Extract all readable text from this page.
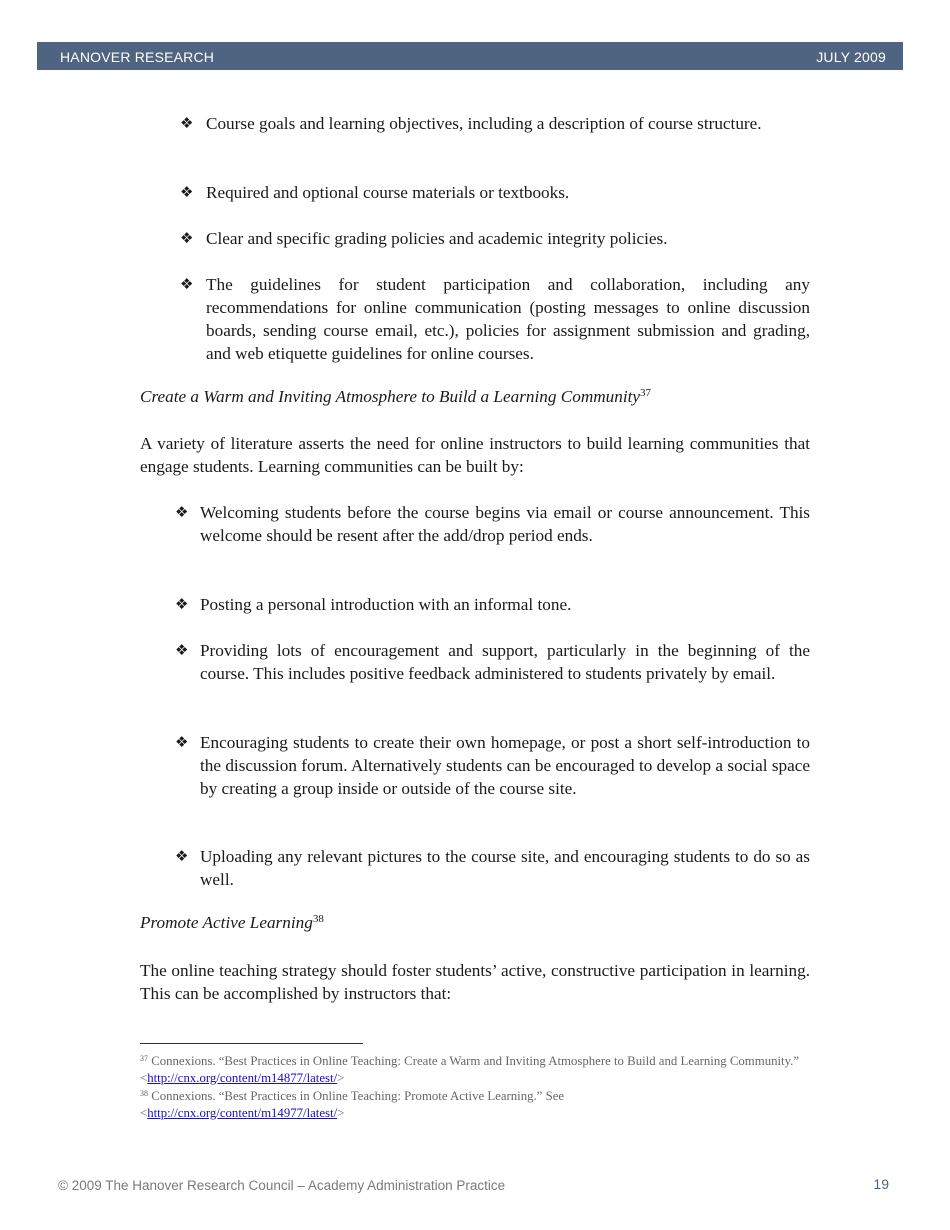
HANOVER RESEARCH	JULY 2009
❖ Course goals and learning objectives, including a description of course structure.
❖ Required and optional course materials or textbooks.
❖ Clear and specific grading policies and academic integrity policies.
❖ The guidelines for student participation and collaboration, including any recommendations for online communication (posting messages to online discussion boards, sending course email, etc.), policies for assignment submission and grading, and web etiquette guidelines for online courses.
Create a Warm and Inviting Atmosphere to Build a Learning Community$^{37}$
A variety of literature asserts the need for online instructors to build learning communities that engage students. Learning communities can be built by:
❖ Welcoming students before the course begins via email or course announcement. This welcome should be resent after the add/drop period ends.
❖ Posting a personal introduction with an informal tone.
❖ Providing lots of encouragement and support, particularly in the beginning of the course. This includes positive feedback administered to students privately by email.
❖ Encouraging students to create their own homepage, or post a short self-introduction to the discussion forum. Alternatively students can be encouraged to develop a social space by creating a group inside or outside of the course site.
❖ Uploading any relevant pictures to the course site, and encouraging students to do so as well.
Promote Active Learning$^{38}$
The online teaching strategy should foster students’ active, constructive participation in learning. This can be accomplished by instructors that:
$^{37}$ Connexions. “Best Practices in Online Teaching: Create a Warm and Inviting Atmosphere to Build and Learning Community.” <http://cnx.org/content/m14877/latest/>
$^{38}$ Connexions. “Best Practices in Online Teaching: Promote Active Learning.” See
<http://cnx.org/content/m14977/latest/>
© 2009 The Hanover Research Council – Academy Administration Practice	19
